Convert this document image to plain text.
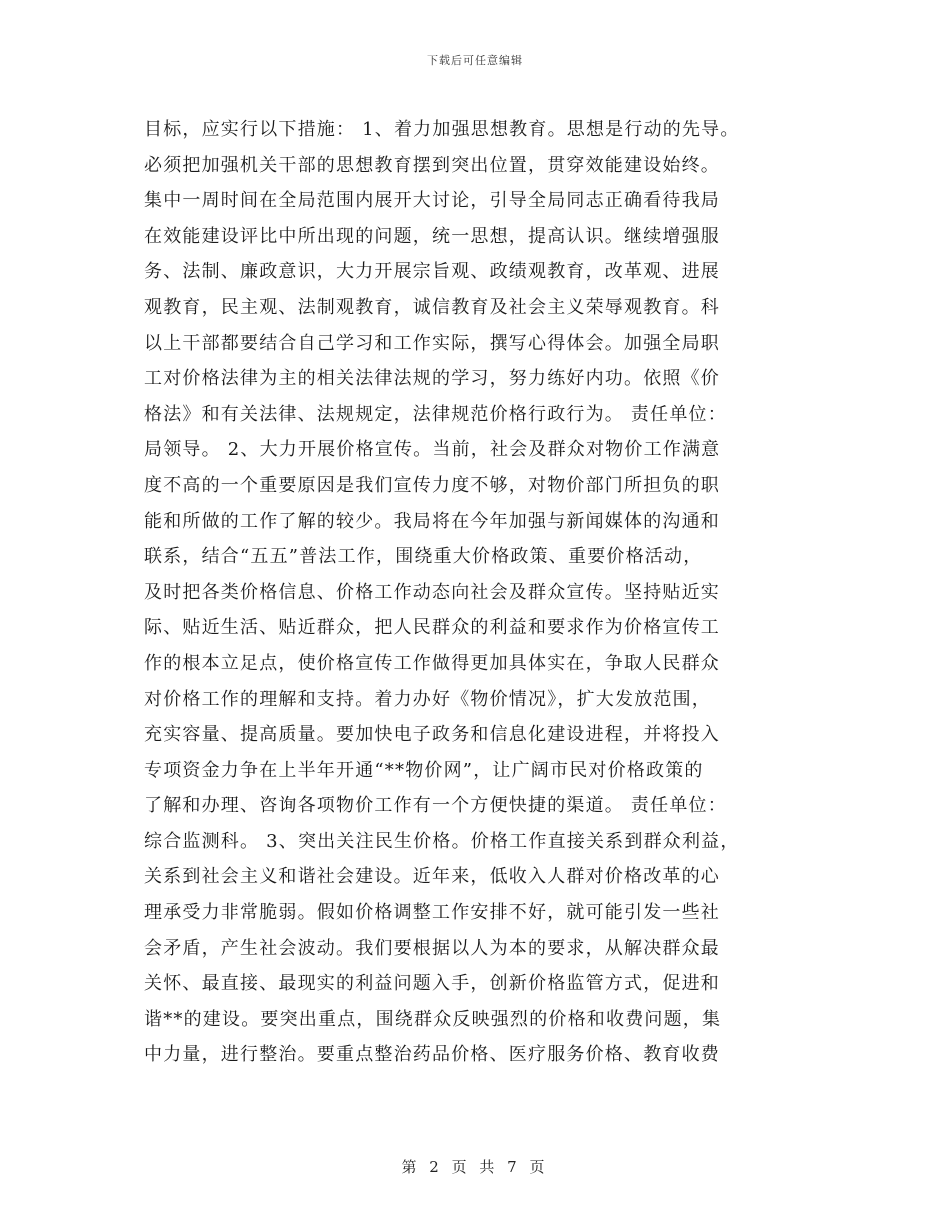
下载后可任意编辑
目标，应实行以下措施： 1、着力加强思想教育。思想是行动的先导。
必须把加强机关干部的思想教育摆到突出位置，贯穿效能建设始终。
集中一周时间在全局范围内展开大讨论，引导全局同志正确看待我局
在效能建设评比中所出现的问题，统一思想，提高认识。继续增强服
务、法制、廉政意识，大力开展宗旨观、政绩观教育，改革观、进展
观教育，民主观、法制观教育，诚信教育及社会主义荣辱观教育。科
以上干部都要结合自己学习和工作实际，撰写心得体会。加强全局职
工对价格法律为主的相关法律法规的学习，努力练好内功。依照《价
格法》和有关法律、法规规定，法律规范价格行政行为。 责任单位：
局领导。 2、大力开展价格宣传。当前，社会及群众对物价工作满意
度不高的一个重要原因是我们宣传力度不够，对物价部门所担负的职
能和所做的工作了解的较少。我局将在今年加强与新闻媒体的沟通和
联系，结合“五五”普法工作，围绕重大价格政策、重要价格活动，
及时把各类价格信息、价格工作动态向社会及群众宣传。坚持贴近实
际、贴近生活、贴近群众，把人民群众的利益和要求作为价格宣传工
作的根本立足点，使价格宣传工作做得更加具体实在，争取人民群众
对价格工作的理解和支持。着力办好《物价情况》，扩大发放范围，
充实容量、提高质量。要加快电子政务和信息化建设进程，并将投入
专项资金力争在上半年开通“**物价网”，让广阔市民对价格政策的
了解和办理、咨询各项物价工作有一个方便快捷的渠道。 责任单位：
综合监测科。 3、突出关注民生价格。价格工作直接关系到群众利益，
关系到社会主义和谐社会建设。近年来，低收入人群对价格改革的心
理承受力非常脆弱。假如价格调整工作安排不好，就可能引发一些社
会矛盾，产生社会波动。我们要根据以人为本的要求，从解决群众最
关怀、最直接、最现实的利益问题入手，创新价格监管方式，促进和
谐**的建设。要突出重点，围绕群众反映强烈的价格和收费问题，集
中力量，进行整治。要重点整治药品价格、医疗服务价格、教育收费
第 2 页 共 7 页
